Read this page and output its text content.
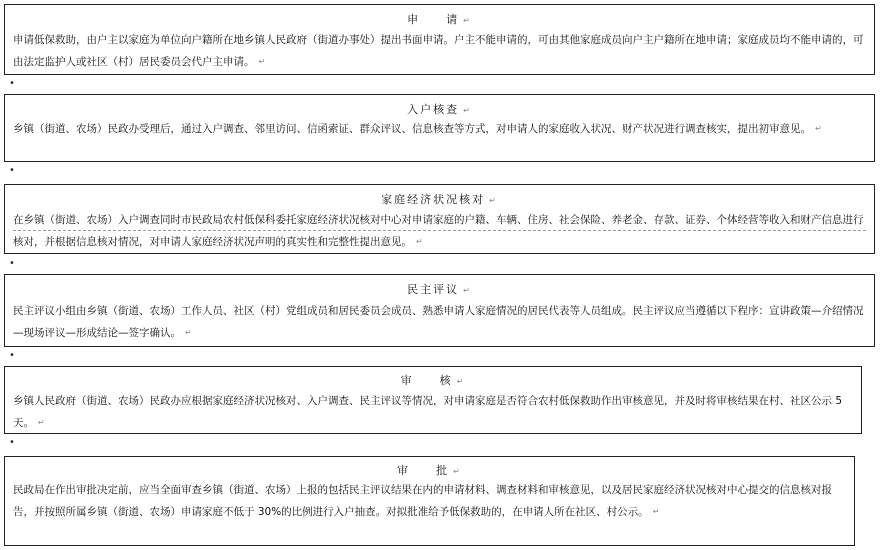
申　　请 ↵
申请低保救助，由户主以家庭为单位向户籍所在地乡镇人民政府（街道办事处）提出书面申请。户主不能申请的，可由其他家庭成员向户主户籍所在地申请；家庭成员均不能申请的，可由法定监护人或社区（村）居民委员会代户主申请。 ↵
•
入户核查 ↵
乡镇（街道、农场）民政办受理后，通过入户调查、邻里访问、信函索证、群众评议、信息核查等方式，对申请人的家庭收入状况、财产状况进行调查核实，提出初审意见。 ↵
•
家庭经济状况核对 ↵
在乡镇（街道、农场）入户调查同时市民政局农村低保科委托家庭经济状况核对中心对申请家庭的户籍、车辆、住房、社会保险、养老金、存款、证券、个体经营等收入和财产信息进行核对，并根据信息核对情况，对申请人家庭经济状况声明的真实性和完整性提出意见。 ↵
•
民主评议 ↵
民主评议小组由乡镇（街道、农场）工作人员、社区（村）党组成员和居民委员会成员、熟悉申请人家庭情况的居民代表等人员组成。民主评议应当遵循以下程序：宣讲政策—介绍情况—现场评议—形成结论—签字确认。 ↵
•
审　　核 ↵
乡镇人民政府（街道、农场）民政办应根据家庭经济状况核对、入户调查、民主评议等情况，对申请家庭是否符合农村低保救助作出审核意见，并及时将审核结果在村、社区公示 5 天。 ↵
•
审　　批 ↵
民政局在作出审批决定前，应当全面审查乡镇（街道、农场）上报的包括民主评议结果在内的申请材料、调查材料和审核意见，以及居民家庭经济状况核对中心提交的信息核对报告，并按照所属乡镇（街道、农场）申请家庭不低于 30%的比例进行入户抽查。对拟批准给予低保救助的，在申请人所在社区、村公示。 ↵
